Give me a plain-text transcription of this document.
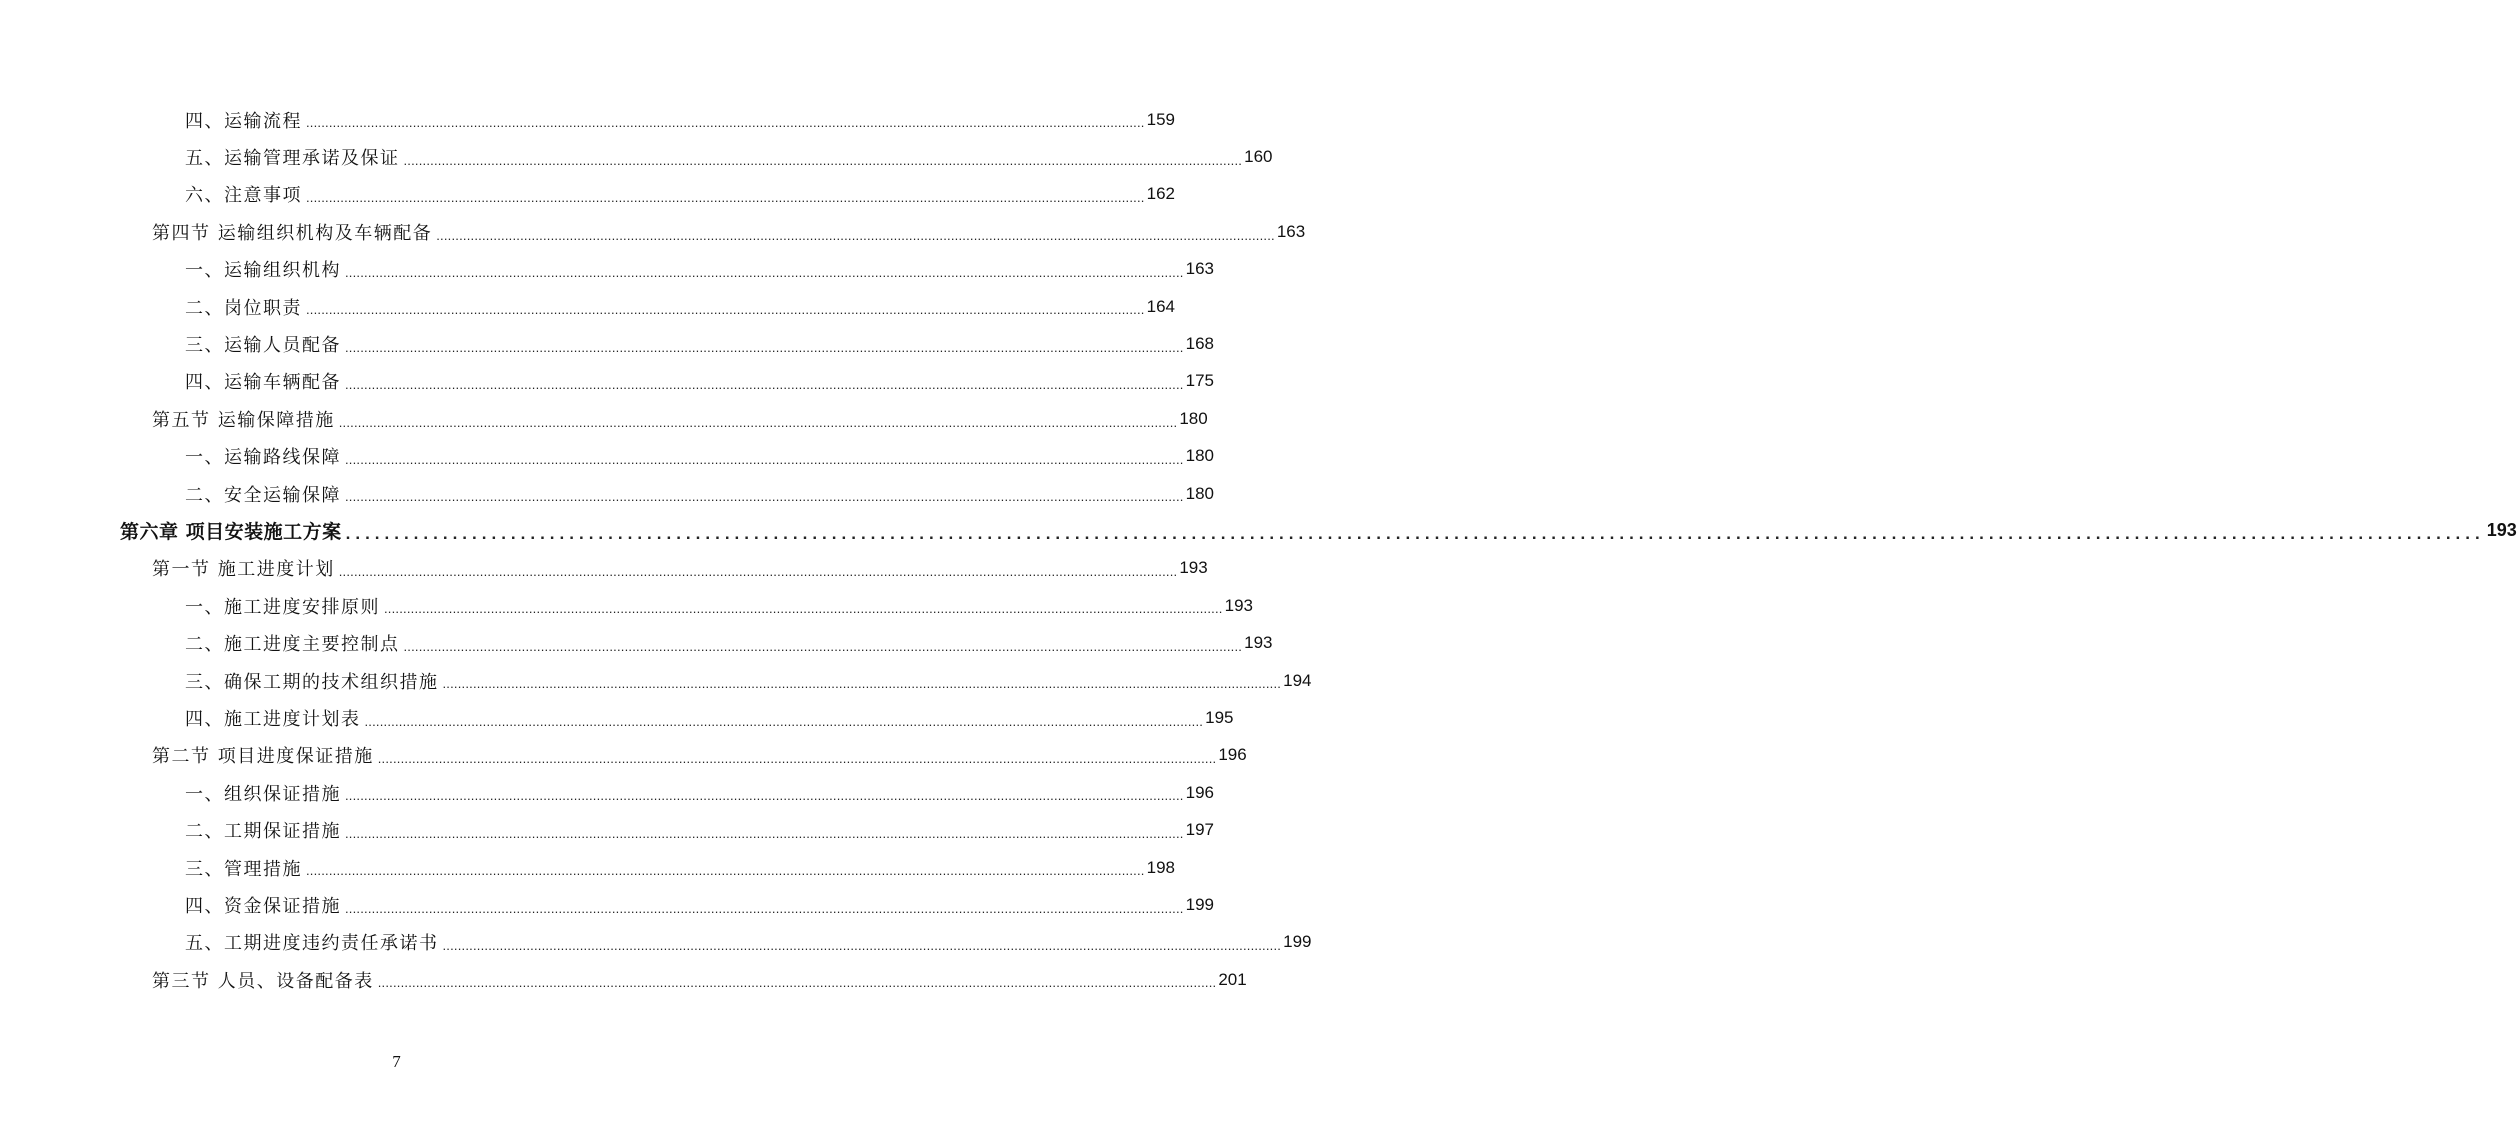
四、运输流程 ............................................................................................................................................................................................................................ 159
五、运输管理承诺及保证 ............................................................................................................................................................................................................................ 160
六、注意事项 ............................................................................................................................................................................................................................ 162
第四节 运输组织机构及车辆配备 ............................................................................................................................................................................................................................ 163
一、运输组织机构 ............................................................................................................................................................................................................................ 163
二、岗位职责 ............................................................................................................................................................................................................................ 164
三、运输人员配备 ............................................................................................................................................................................................................................ 168
四、运输车辆配备 ............................................................................................................................................................................................................................ 175
第五节 运输保障措施 ............................................................................................................................................................................................................................ 180
一、运输路线保障 ............................................................................................................................................................................................................................ 180
二、安全运输保障 ............................................................................................................................................................................................................................ 180
第六章 项目安装施工方案 ............................................................................................................................................................................................................................ 193
第一节 施工进度计划 ............................................................................................................................................................................................................................ 193
一、施工进度安排原则 ............................................................................................................................................................................................................................ 193
二、施工进度主要控制点 ............................................................................................................................................................................................................................ 193
三、确保工期的技术组织措施 ............................................................................................................................................................................................................................ 194
四、施工进度计划表 ............................................................................................................................................................................................................................ 195
第二节 项目进度保证措施 ............................................................................................................................................................................................................................ 196
一、组织保证措施 ............................................................................................................................................................................................................................ 196
二、工期保证措施 ............................................................................................................................................................................................................................ 197
三、管理措施 ............................................................................................................................................................................................................................ 198
四、资金保证措施 ............................................................................................................................................................................................................................ 199
五、工期进度违约责任承诺书 ............................................................................................................................................................................................................................ 199
第三节 人员、设备配备表 ............................................................................................................................................................................................................................ 201
7
